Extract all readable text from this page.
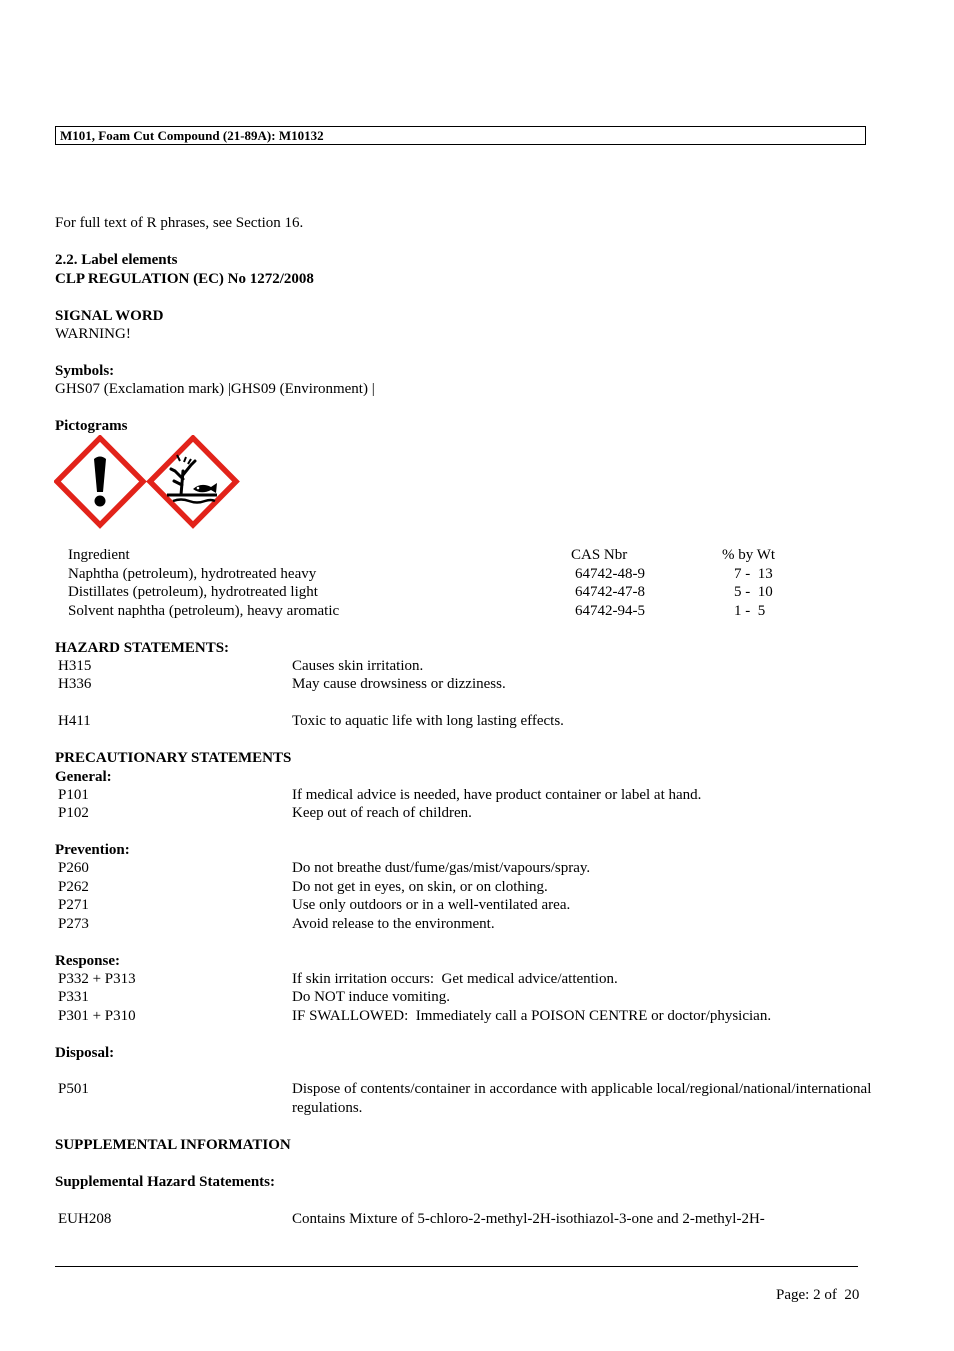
M101, Foam Cut Compound (21-89A): M10132
For full text of R phrases, see Section 16.
2.2. Label elements
CLP REGULATION (EC) No 1272/2008
SIGNAL WORD
WARNING!
Symbols:
GHS07 (Exclamation mark) |GHS09 (Environment) |
Pictograms
Ingredient	CAS Nbr	% by Wt
Naphtha (petroleum), hydrotreated heavy	64742-48-9	7 -  13
Distillates (petroleum), hydrotreated light	64742-47-8	5 -  10
Solvent naphtha (petroleum), heavy aromatic	64742-94-5	1 -  5
HAZARD STATEMENTS:
H315	Causes skin irritation.
H336	May cause drowsiness or dizziness.
H411	Toxic to aquatic life with long lasting effects.
PRECAUTIONARY STATEMENTS
General:
P101	If medical advice is needed, have product container or label at hand.
P102	Keep out of reach of children.
Prevention:
P260	Do not breathe dust/fume/gas/mist/vapours/spray.
P262	Do not get in eyes, on skin, or on clothing.
P271	Use only outdoors or in a well-ventilated area.
P273	Avoid release to the environment.
Response:
P332 + P313	If skin irritation occurs:  Get medical advice/attention.
P331	Do NOT induce vomiting.
P301 + P310	IF SWALLOWED:  Immediately call a POISON CENTRE or doctor/physician.
Disposal:
P501	Dispose of contents/container in accordance with applicable local/regional/national/international
regulations.
SUPPLEMENTAL INFORMATION
Supplemental Hazard Statements:
EUH208	Contains Mixture of 5-chloro-2-methyl-2H-isothiazol-3-one and 2-methyl-2H-
Page: 2 of  20
